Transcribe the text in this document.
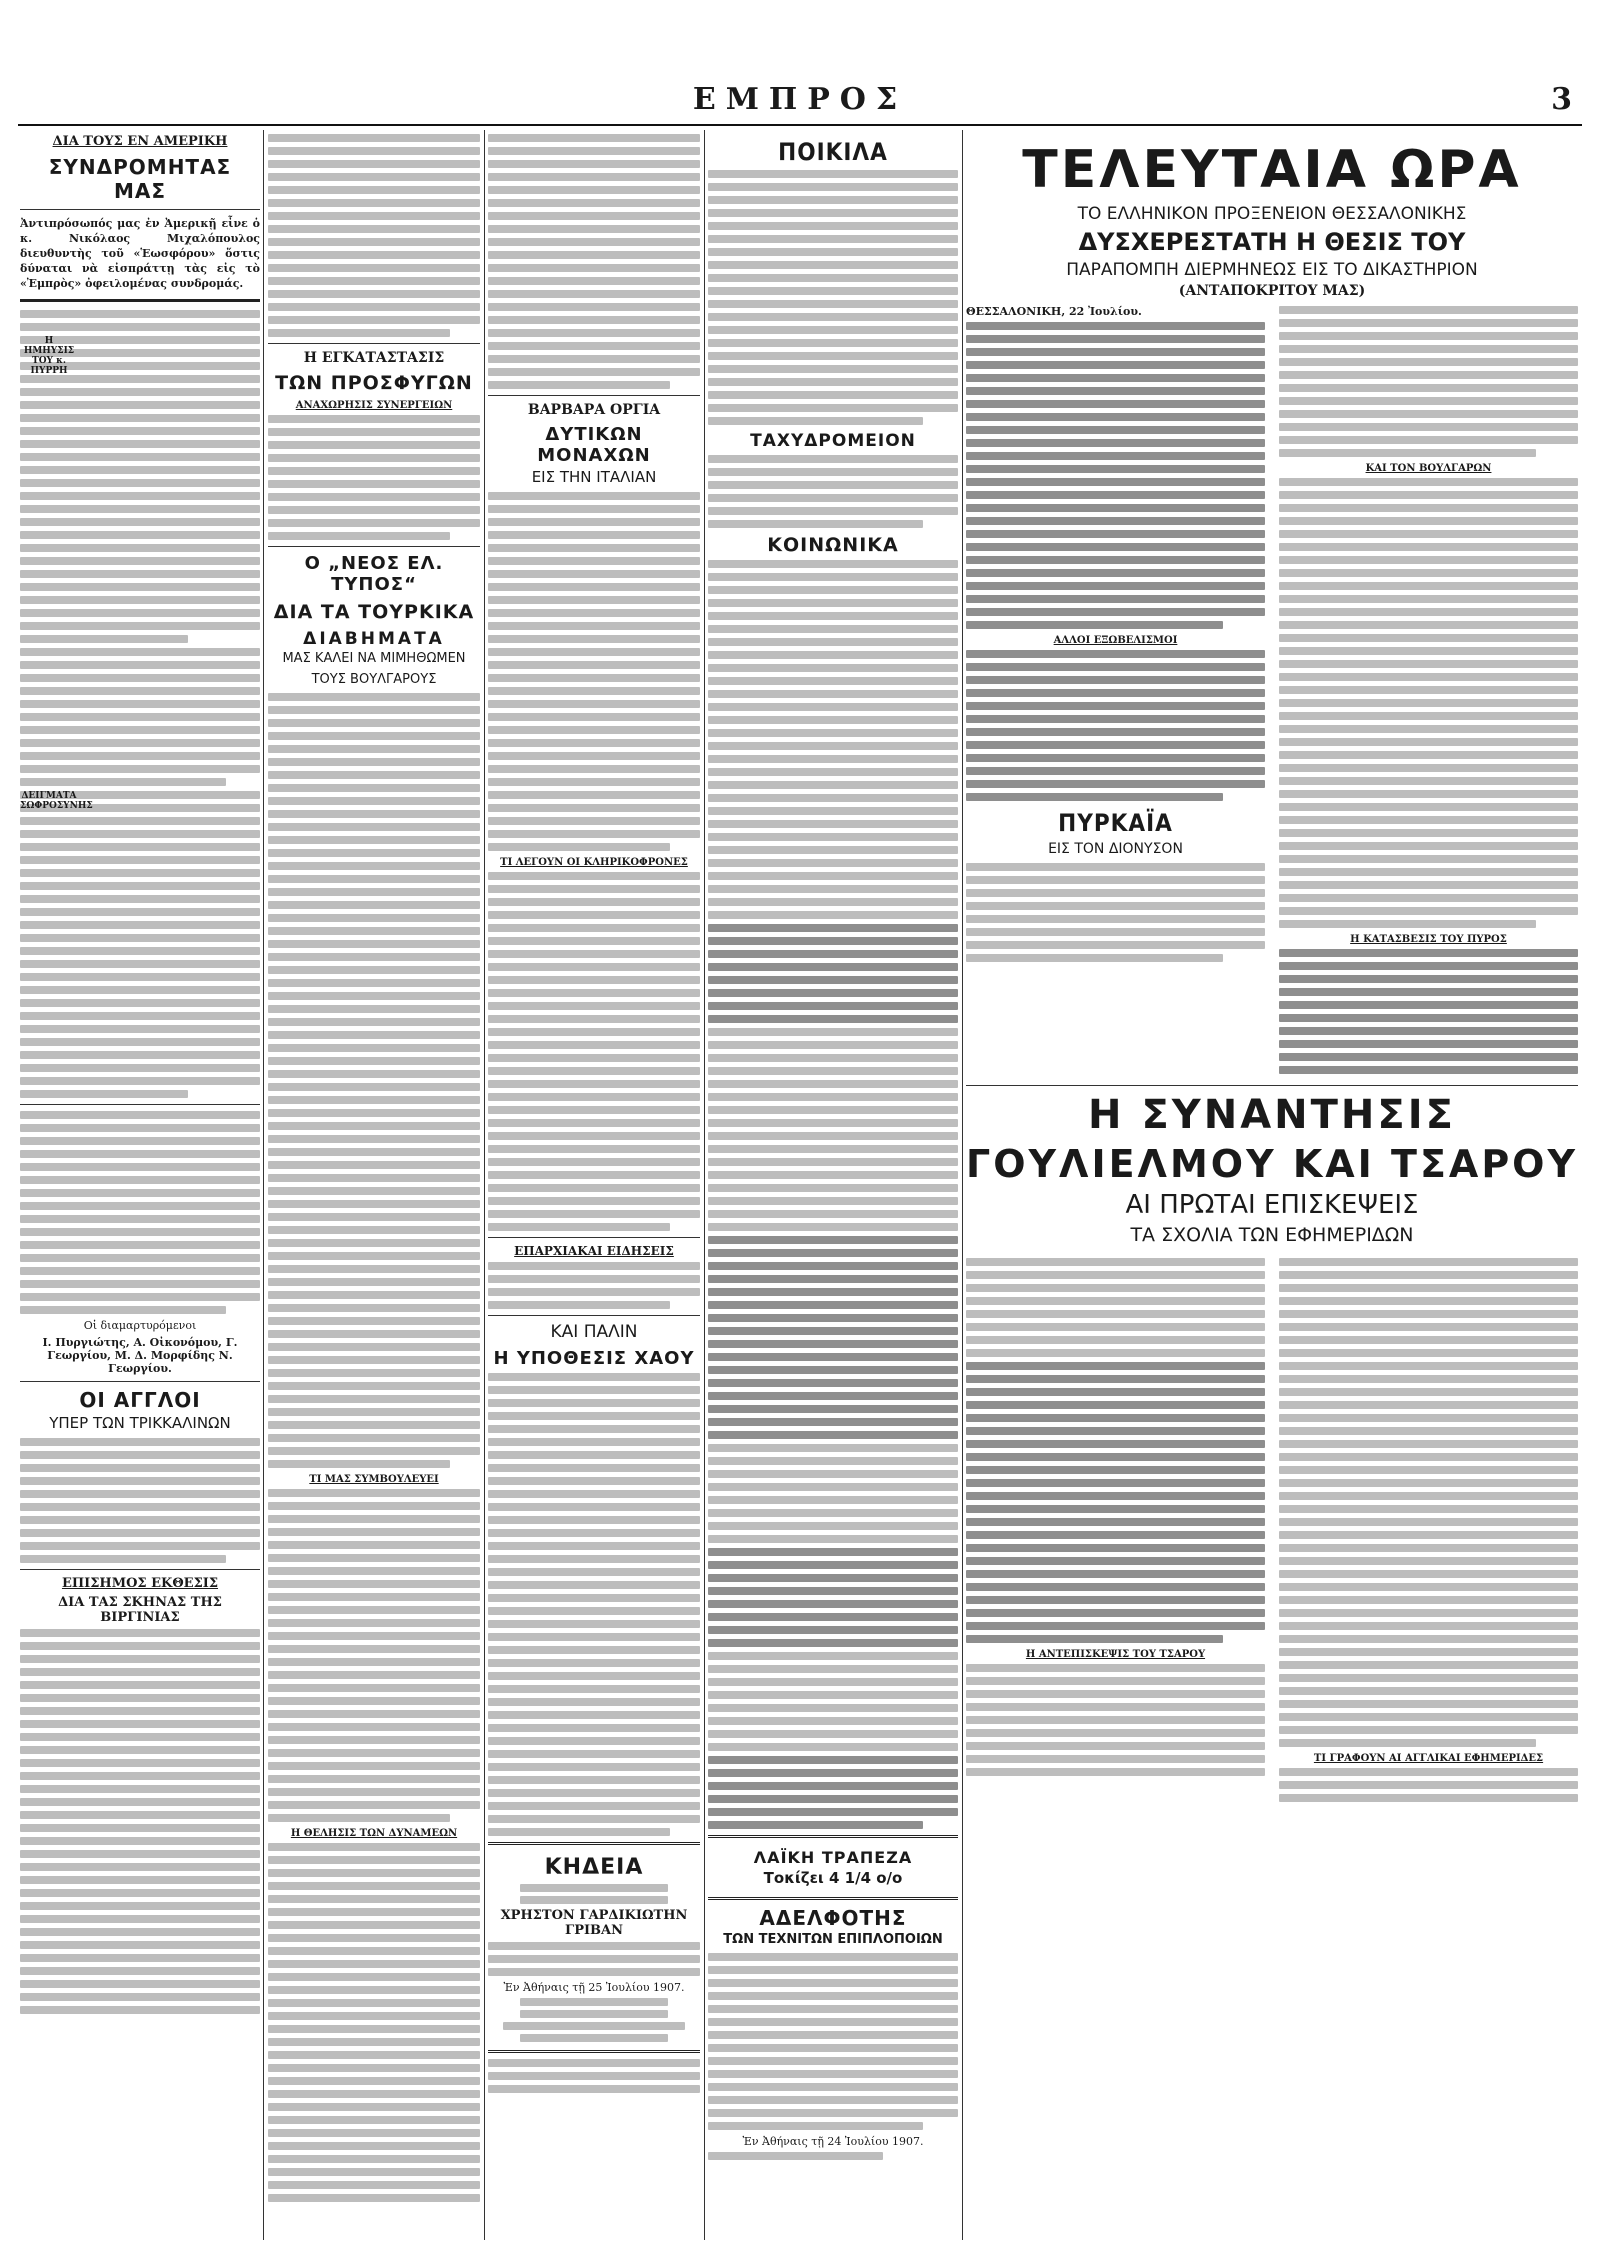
ΕΜΠΡΟΣ	3
ΔΙΑ ΤΟΥΣ ΕΝ ΑΜΕΡΙΚΗ
ΣΥΝΔΡΟΜΗΤΑΣ ΜΑΣ
Ἀντιπρόσωπός μας ἐν Ἀμερικῇ εἶνε ὁ κ. Νικόλαος Μιχαλόπουλος διευθυντὴς τοῦ «Ἑωσφόρου» ὅστις δύναται νὰ εἰσπράττῃ τὰς εἰς τὸ «Ἐμπρὸς» ὀφειλομένας συνδρομάς.
Η ΗΜΗΥΣΙΣ ΤΟΥ κ. ΠΥΡΡΗ
ΔΕΙΓΜΑΤΑ ΣΩΦΡΟΣΥΝΗΣ
Οἱ διαμαρτυρόμενοι
Ι. Πυργιώτης, Α. Οἰκονόμου, Γ. Γεωργίου, Μ. Δ. Μορφίδης Ν. Γεωργίου.
ΟΙ ΑΓΓΛΟΙ
ΥΠΕΡ ΤΩΝ ΤΡΙΚΚΑΛΙΝΩΝ
ΕΠΙΣΗΜΟΣ ΕΚΘΕΣΙΣ
ΔΙΑ ΤΑΣ ΣΚΗΝΑΣ ΤΗΣ ΒΙΡΓΙΝΙΑΣ
Η ΕΓΚΑΤΑΣΤΑΣΙΣ
ΤΩΝ ΠΡΟΣΦΥΓΩΝ
ΑΝΑΧΩΡΗΣΙΣ ΣΥΝΕΡΓΕΙΩΝ
Ο „ΝΕΟΣ ΕΛ. ΤΥΠΟΣ“
ΔΙΑ ΤΑ ΤΟΥΡΚΙΚΑ
ΔΙΑΒΗΜΑΤΑ
ΜΑΣ ΚΑΛΕΙ ΝΑ ΜΙΜΗΘΩΜΕΝ
ΤΟΥΣ ΒΟΥΛΓΑΡΟΥΣ
ΤΙ ΜΑΣ ΣΥΜΒΟΥΛΕΥΕΙ
Η ΘΕΛΗΣΙΣ ΤΩΝ ΔΥΝΑΜΕΩΝ
ΒΑΡΒΑΡΑ ΟΡΓΙΑ
ΔΥΤΙΚΩΝ ΜΟΝΑΧΩΝ
ΕΙΣ ΤΗΝ ΙΤΑΛΙΑΝ
ΤΙ ΛΕΓΟΥΝ ΟΙ ΚΛΗΡΙΚΟΦΡΟΝΕΣ
ΕΠΑΡΧΙΑΚΑΙ ΕΙΔΗΣΕΙΣ
ΚΑΙ ΠΑΛΙΝ
Η ΥΠΟΘΕΣΙΣ ΧΑΟΥ
ΚΗΔΕΙΑ
ΧΡΗΣΤΟΝ ΓΑΡΔΙΚΙΩΤΗΝ ΓΡΙΒΑΝ
Ἐν Ἀθήναις τῇ 25 Ἰουλίου 1907.
ΠΟΙΚΙΛΑ
ΤΑΧΥΔΡΟΜΕΙΟΝ
ΚΟΙΝΩΝΙΚΑ
ΛΑΪΚΗ ΤΡΑΠΕΖΑ
Τοκίζει 4 1/4 ο/ο
ΑΔΕΛΦΟΤΗΣ
ΤΩΝ ΤΕΧΝΙΤΩΝ ΕΠΙΠΛΟΠΟΙΩΝ
Ἐν Ἀθήναις τῇ 24 Ἰουλίου 1907.
ΤΕΛΕΥΤΑΙΑ ΩΡΑ
ΤΟ ΕΛΛΗΝΙΚΟΝ ΠΡΟΞΕΝΕΙΟΝ ΘΕΣΣΑΛΟΝΙΚΗΣ
ΔΥΣΧΕΡΕΣΤΑΤΗ Η ΘΕΣΙΣ ΤΟΥ
ΠΑΡΑΠΟΜΠΗ ΔΙΕΡΜΗΝΕΩΣ ΕΙΣ ΤΟ ΔΙΚΑΣΤΗΡΙΟΝ
(ΑΝΤΑΠΟΚΡΙΤΟΥ ΜΑΣ)
ΘΕΣΣΑΛΟΝΙΚΗ, 22 Ἰουλίου.
ΑΛΛΟΙ ΕΞΩΒΕΛΙΣΜΟΙ
ΠΥΡΚΑΪΑ
ΕΙΣ ΤΟΝ ΔΙΟΝΥΣΟΝ
ΚΑΙ ΤΟΝ ΒΟΥΛΓΑΡΩΝ
Η ΚΑΤΑΣΒΕΣΙΣ ΤΟΥ ΠΥΡΟΣ
Η ΣΥΝΑΝΤΗΣΙΣ
ΓΟΥΛΙΕΛΜΟΥ ΚΑΙ ΤΣΑΡΟΥ
ΑΙ ΠΡΩΤΑΙ ΕΠΙΣΚΕΨΕΙΣ
ΤΑ ΣΧΟΛΙΑ ΤΩΝ ΕΦΗΜΕΡΙΔΩΝ
Η ΑΝΤΕΠΙΣΚΕΨΙΣ ΤΟΥ ΤΣΑΡΟΥ
ΤΙ ΓΡΑΦΟΥΝ ΑΙ ΑΓΓΛΙΚΑΙ ΕΦΗΜΕΡΙΔΕΣ
